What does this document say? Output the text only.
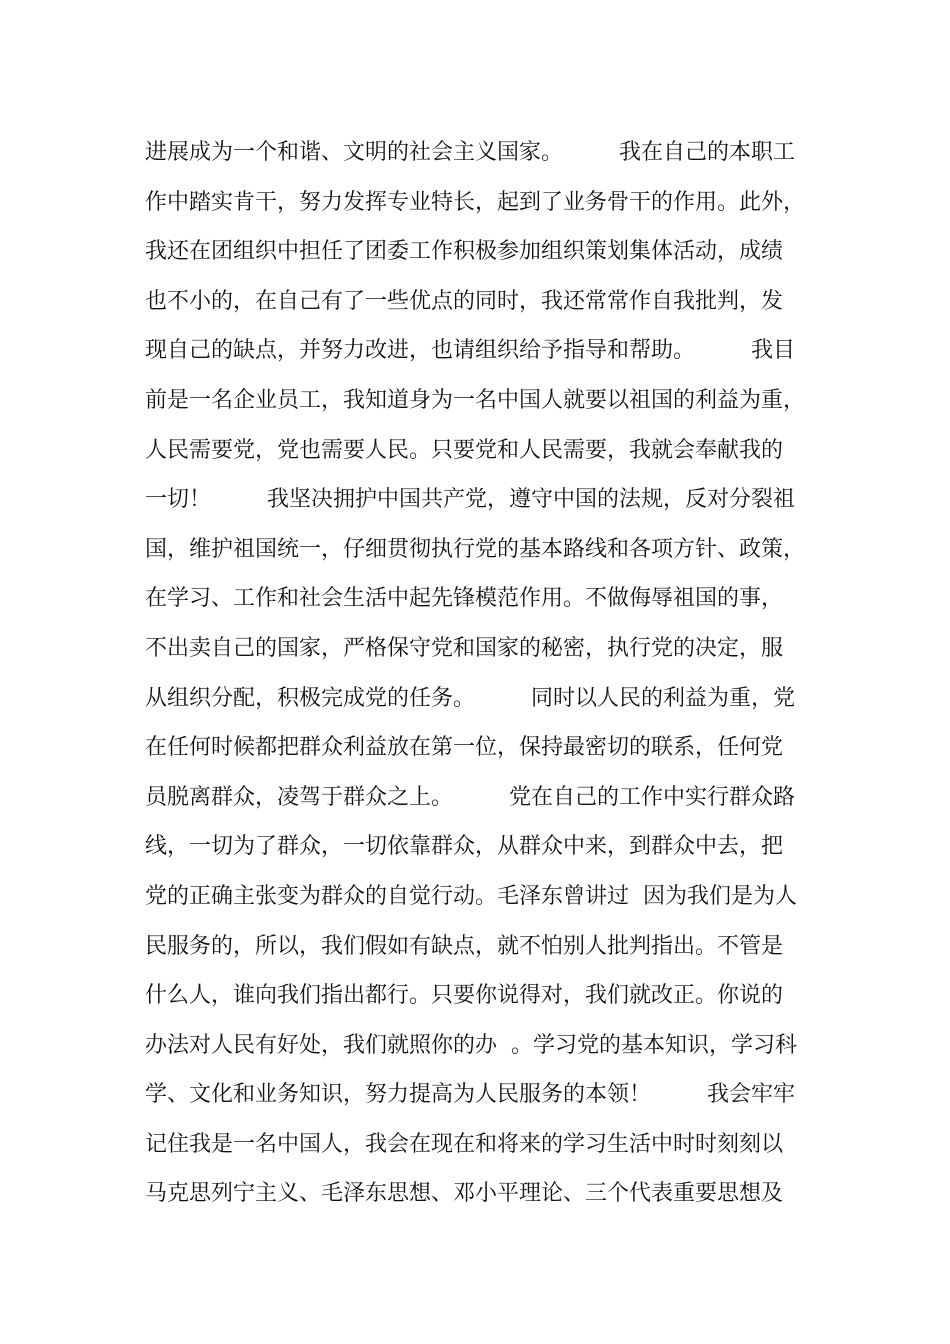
进展成为一个和谐、文明的社会主义国家。        我在自己的本职工
作中踏实肯干，努力发挥专业特长，起到了业务骨干的作用。此外，
我还在团组织中担任了团委工作积极参加组织策划集体活动，成绩
也不小的，在自己有了一些优点的同时，我还常常作自我批判，发
现自己的缺点，并努力改进，也请组织给予指导和帮助。        我目
前是一名企业员工，我知道身为一名中国人就要以祖国的利益为重，
人民需要党，党也需要人民。只要党和人民需要，我就会奉献我的
一切！        我坚决拥护中国共产党，遵守中国的法规，反对分裂祖
国，维护祖国统一，仔细贯彻执行党的基本路线和各项方针、政策，
在学习、工作和社会生活中起先锋模范作用。不做侮辱祖国的事，
不出卖自己的国家，严格保守党和国家的秘密，执行党的决定，服
从组织分配，积极完成党的任务。        同时以人民的利益为重，党
在任何时候都把群众利益放在第一位，保持最密切的联系，任何党
员脱离群众，凌驾于群众之上。        党在自己的工作中实行群众路
线，一切为了群众，一切依靠群众，从群众中来，到群众中去，把
党的正确主张变为群众的自觉行动。毛泽东曾讲过  因为我们是为人
民服务的，所以，我们假如有缺点，就不怕别人批判指出。不管是
什么人，谁向我们指出都行。只要你说得对，我们就改正。你说的
办法对人民有好处，我们就照你的办  。学习党的基本知识，学习科
学、文化和业务知识，努力提高为人民服务的本领！        我会牢牢
记住我是一名中国人，我会在现在和将来的学习生活中时时刻刻以
马克思列宁主义、毛泽东思想、邓小平理论、三个代表重要思想及
